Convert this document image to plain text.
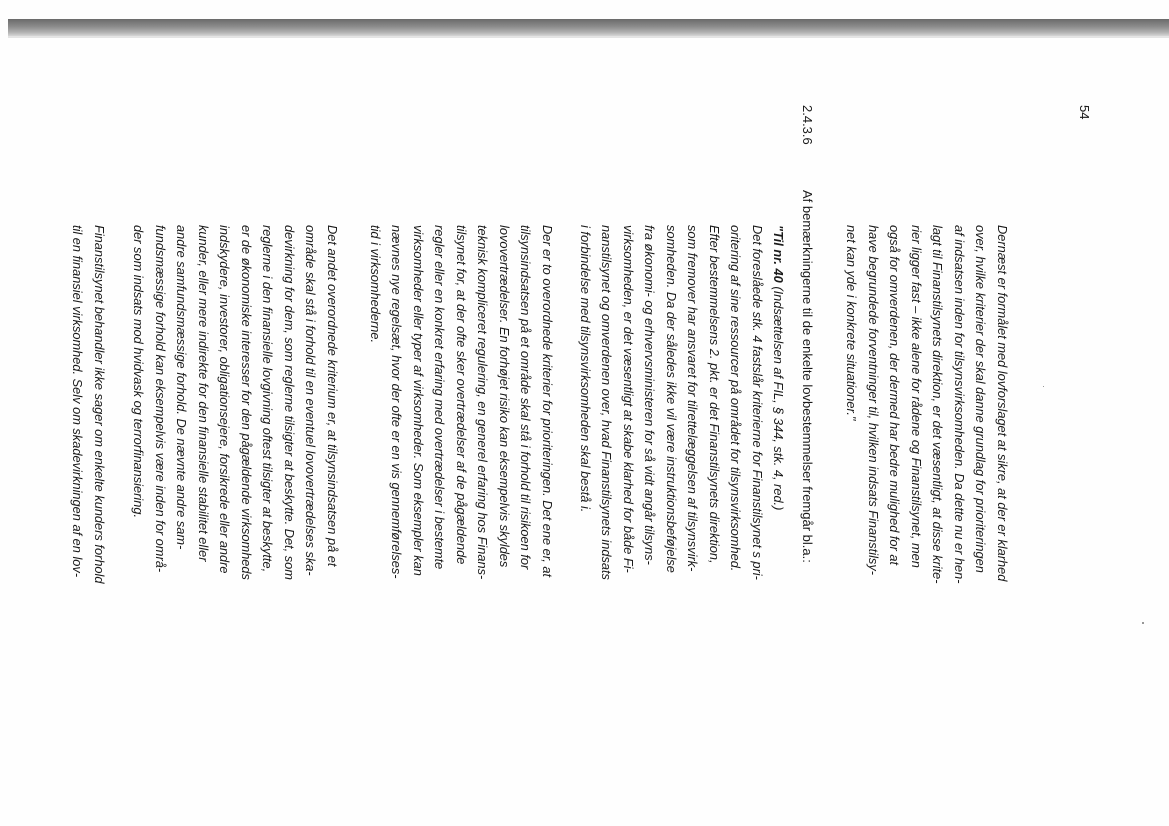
54
2.4.3.6
Af bemærkningerne til de enkelte lovbestemmelser fremgår bl.a.:	Dernæst er formålet med lovforslaget at sikre, at der er klarhed
over, hvilke kriterier der skal danne grundlag for prioriteringen
af indsatsen inden for tilsynsvirksomheden. Da dette nu er hen-
lagt til Finanstilsynets direktion, er det væsentligt, at disse krite-
rier ligger fast – ikke alene for rådene og Finanstilsynet, men
også for omverdenen, der dermed har bedre mulighed for at
have begrundede forventninger til, hvilken indsats Finanstilsy-
net kan yde i konkrete situationer."
"Til nr. 40 (Indsættelsen af FIL, § 344, stk. 4, red.)
Det foreslåede stk. 4 fastslår kriterierne for Finanstilsynet s pri-
oritering af sine ressourcer på området for tilsynsvirksomhed.
Efter bestemmelsens 2. pkt. er det Finanstilsynets direktion,
som fremover har ansvaret for tilrettelæggelsen af tilsynsvirk-
somheden. Da der således ikke vil være instruktionsbeføjelse
fra økonomi- og erhvervsministeren for så vidt angår tilsyns-
virksomheden, er det væsentligt at skabe klarhed for både Fi-
nanstilsynet og omverdenen over, hvad Finanstilsynets indsats
i forbindelse med tilsynsvirksomheden skal bestå i.
Der er to overordnede kriterier for prioriteringen. Det ene er, at
tilsynsindsatsen på et område skal stå i forhold til risikoen for
lovovertrædelser. En forhøjet risiko kan eksempelvis skyldes
teknisk kompliceret regulering, en generel erfaring hos Finans-
tilsynet for, at der ofte sker overtrædelser af de pågældende
regler eller en konkret erfaring med overtrædelser i bestemte
virksomheder eller typer af virksomheder. Som eksempler kan
nævnes nye regelsæt, hvor der ofte er en vis gennemførelses-
tid i virksomhederne.
Det andet overordnede kriterium er, at tilsynsindsatsen på et
område skal stå i forhold til en eventuel lovovertrædelses ska-
devirkning for dem, som reglerne tilsigter at beskytte. Det, som
reglerne i den finansielle lovgivning oftest tilsigter at beskytte,
er de økonomiske interesser for den pågældende virksomheds
indskydere, investorer, obligationsejere, forsikrede eller andre
kunder, eller mere indirekte for den finansielle stabilitet eller
andre samfundsmæssige forhold. De nævnte andre sam-
fundsmæssige forhold kan eksempelvis være inden for områ-
der som indsats mod hvidvask og terrorfinansiering.
Finanstilsynet behandler ikke sager om enkelte kunders forhold
til en finansiel virksomhed. Selv om skadevirkningen af en lov-
